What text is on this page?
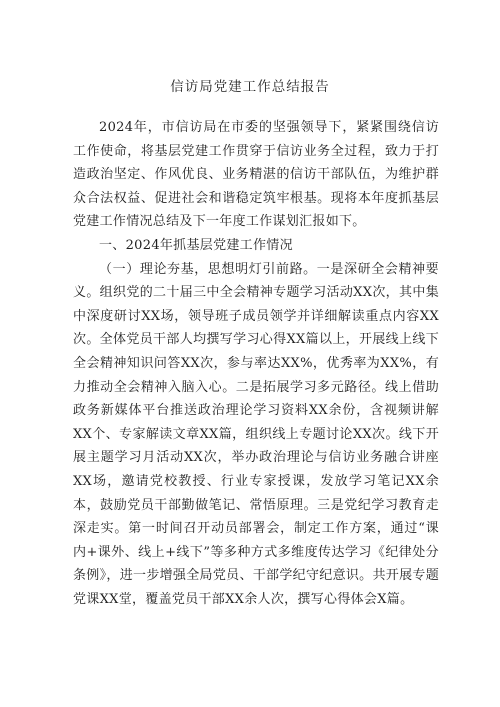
信访局党建工作总结报告

2024年，市信访局在市委的坚强领导下，紧紧围绕信访工作使命，将基层党建工作贯穿于信访业务全过程，致力于打造政治坚定、作风优良、业务精湛的信访干部队伍，为维护群众合法权益、促进社会和谐稳定筑牢根基。现将本年度抓基层党建工作情况总结及下一年度工作谋划汇报如下。

一、2024年抓基层党建工作情况

（一）理论夯基，思想明灯引前路。一是深研全会精神要义。组织党的二十届三中全会精神专题学习活动XX次，其中集中深度研讨XX场，领导班子成员领学并详细解读重点内容XX次。全体党员干部人均撰写学习心得XX篇以上，开展线上线下全会精神知识问答XX次，参与率达XX%，优秀率为XX%，有力推动全会精神入脑入心。二是拓展学习多元路径。线上借助政务新媒体平台推送政治理论学习资料XX余份，含视频讲解XX个、专家解读文章XX篇，组织线上专题讨论XX次。线下开展主题学习月活动XX次，举办政治理论与信访业务融合讲座XX场，邀请党校教授、行业专家授课，发放学习笔记XX余本，鼓励党员干部勤做笔记、常悟原理。三是党纪学习教育走深走实。第一时间召开动员部署会，制定工作方案，通过“课内+课外、线上+线下”等多种方式多维度传达学习《纪律处分条例》，进一步增强全局党员、干部学纪守纪意识。共开展专题党课XX堂，覆盖党员干部XX余人次，撰写心得体会X篇。
